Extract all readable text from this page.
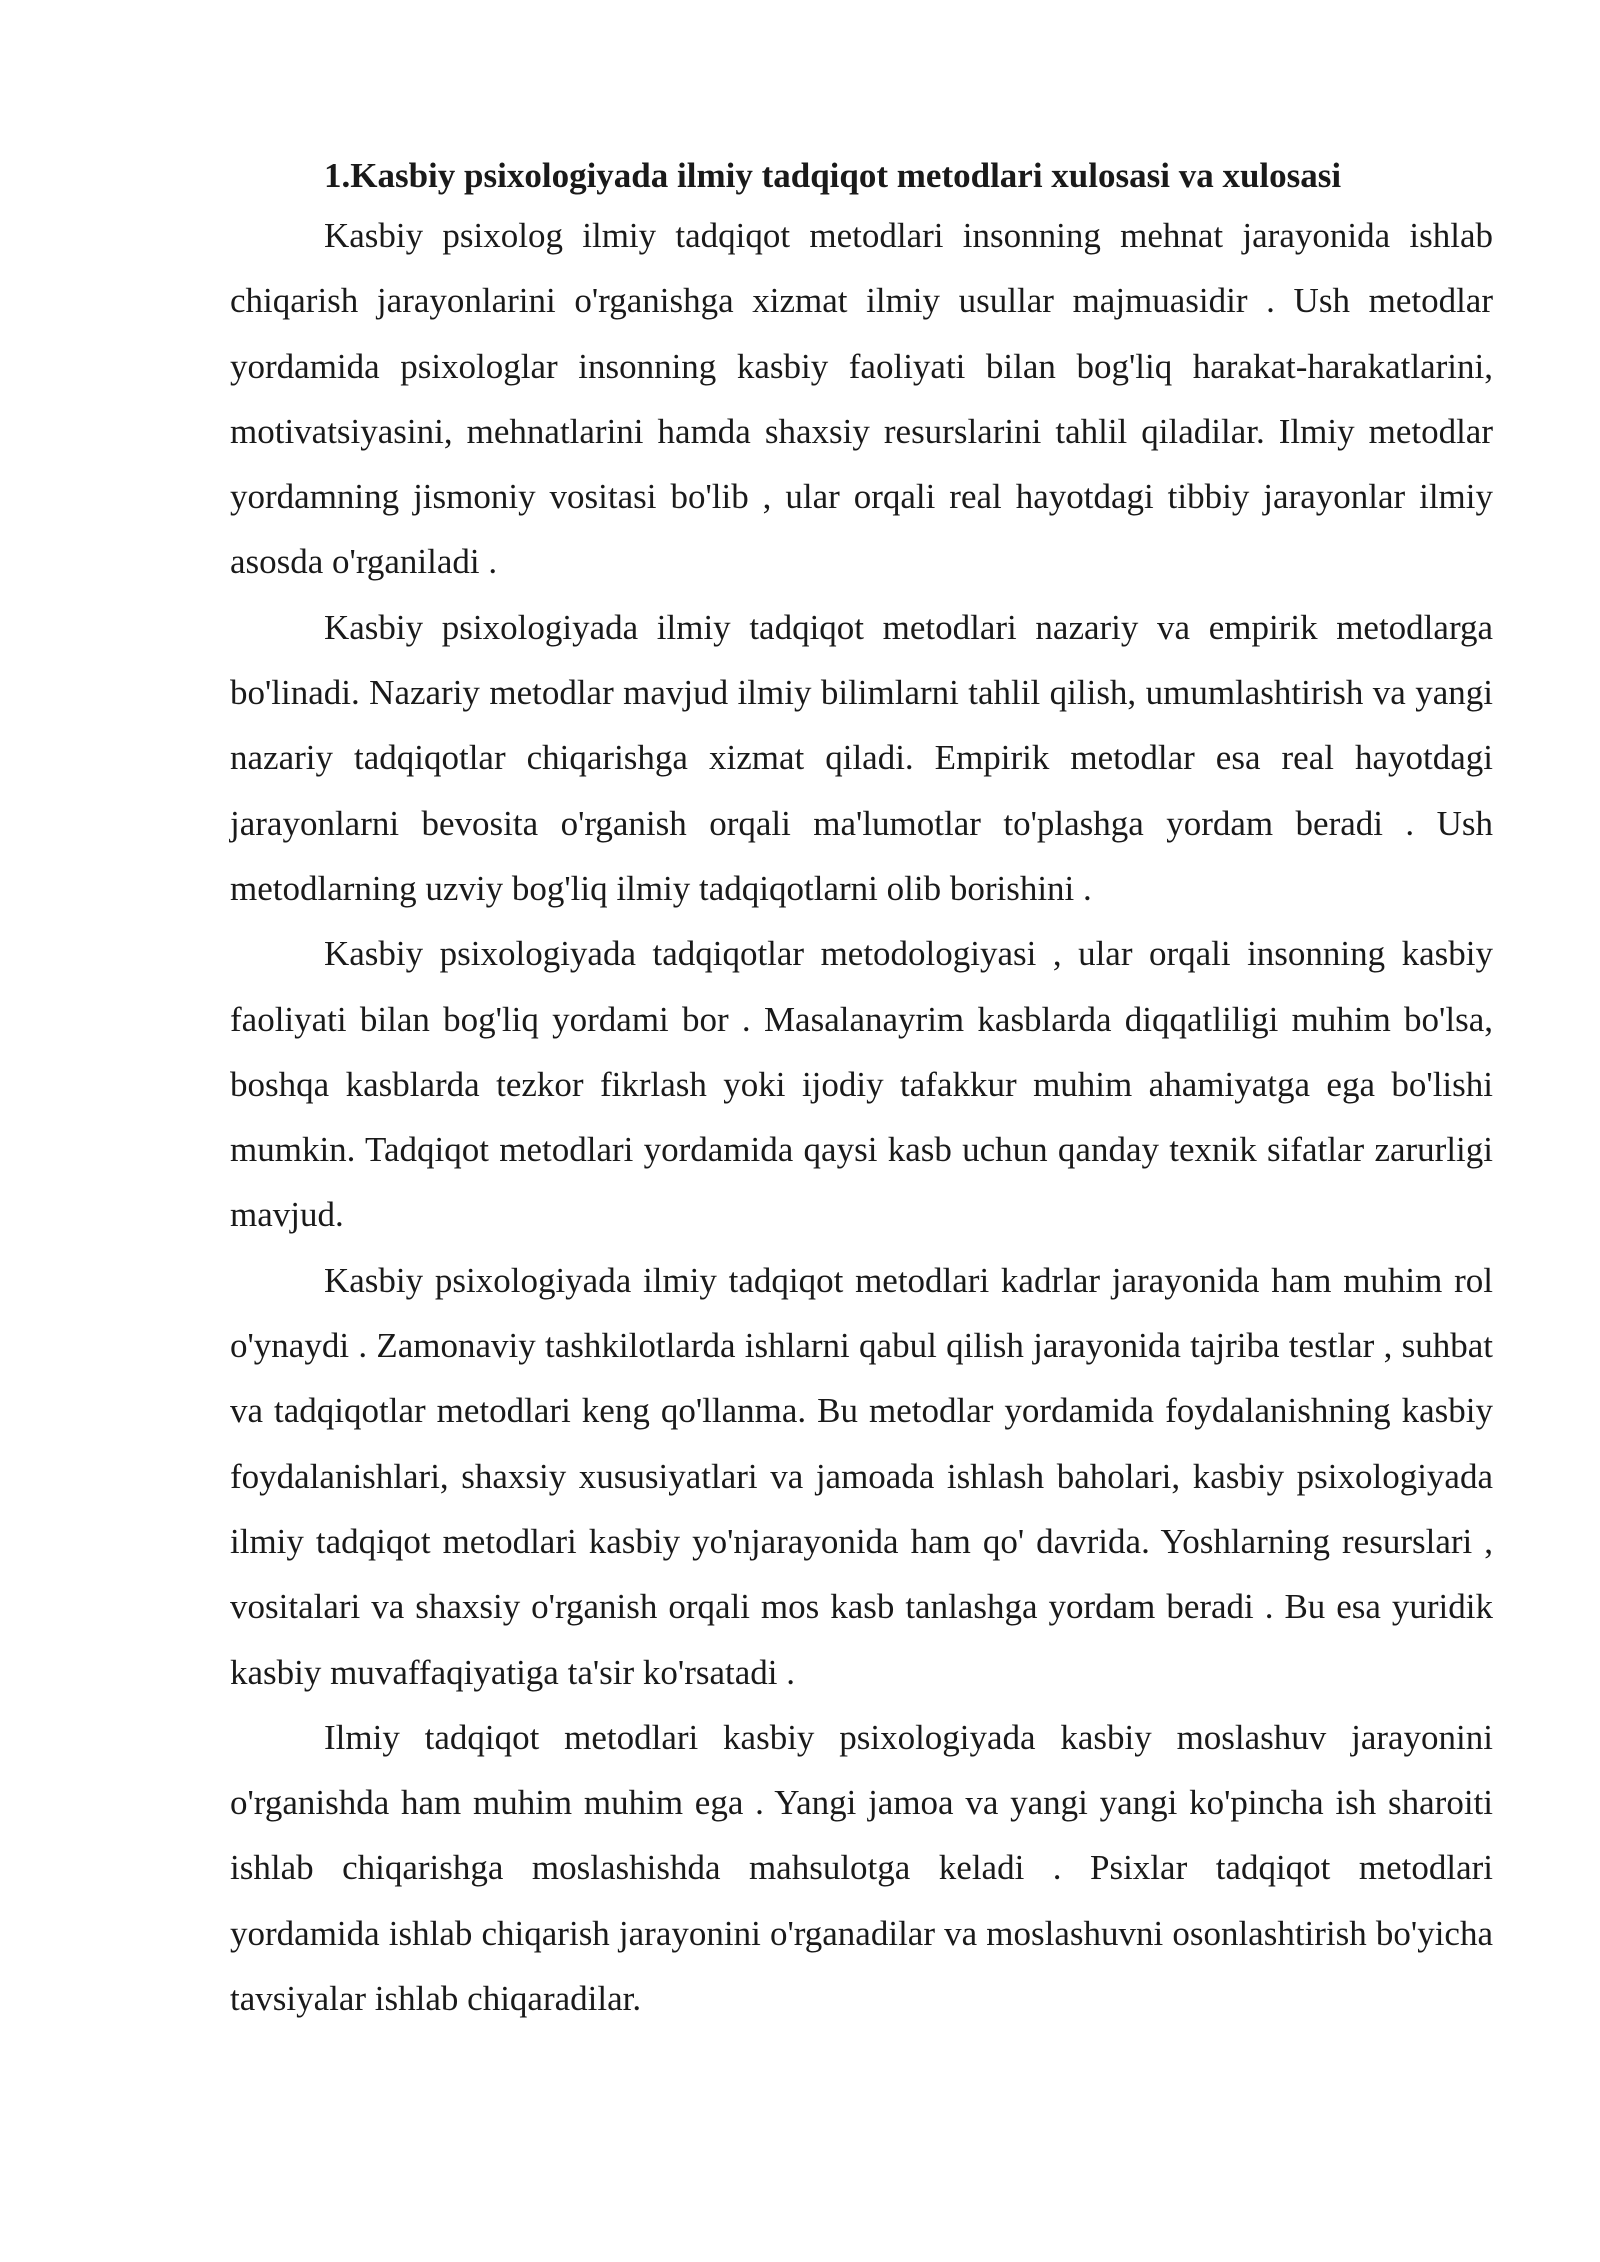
1.Kasbiy psixologiyada ilmiy tadqiqot metodlari xulosasi va xulosasi

Kasbiy psixolog ilmiy tadqiqot metodlari insonning mehnat jarayonida ishlab chiqarish jarayonlarini o'rganishga xizmat ilmiy usullar majmuasidir . Ush metodlar yordamida psixologlar insonning kasbiy faoliyati bilan bog'liq harakat-harakatlarini, motivatsiyasini, mehnatlarini hamda shaxsiy resurslarini tahlil qiladilar. Ilmiy metodlar yordamning jismoniy vositasi bo'lib , ular orqali real hayotdagi tibbiy jarayonlar ilmiy asosda o'rganiladi .

Kasbiy psixologiyada ilmiy tadqiqot metodlari nazariy va empirik metodlarga bo'linadi. Nazariy metodlar mavjud ilmiy bilimlarni tahlil qilish, umumlashtirish va yangi nazariy tadqiqotlar chiqarishga xizmat qiladi. Empirik metodlar esa real hayotdagi jarayonlarni bevosita o'rganish orqali ma'lumotlar to'plashga yordam beradi . Ush metodlarning uzviy bog'liq ilmiy tadqiqotlarni olib borishini .

Kasbiy psixologiyada tadqiqotlar metodologiyasi , ular orqali insonning kasbiy faoliyati bilan bog'liq yordami bor . Masalanayrim kasblarda diqqatliligi muhim bo'lsa, boshqa kasblarda tezkor fikrlash yoki ijodiy tafakkur muhim ahamiyatga ega bo'lishi mumkin. Tadqiqot metodlari yordamida qaysi kasb uchun qanday texnik sifatlar zarurligi mavjud.

Kasbiy psixologiyada ilmiy tadqiqot metodlari kadrlar jarayonida ham muhim rol o'ynaydi . Zamonaviy tashkilotlarda ishlarni qabul qilish jarayonida tajriba testlar , suhbat va tadqiqotlar metodlari keng qo'llanma. Bu metodlar yordamida foydalanishning kasbiy foydalanishlari, shaxsiy xususiyatlari va jamoada ishlash baholari, kasbiy psixologiyada ilmiy tadqiqot metodlari kasbiy yo'njarayonida ham qo' davrida. Yoshlarning resurslari , vositalari va shaxsiy o'rganish orqali mos kasb tanlashga yordam beradi . Bu esa yuridik kasbiy muvaffaqiyatiga ta'sir ko'rsatadi .

Ilmiy tadqiqot metodlari kasbiy psixologiyada kasbiy moslashuv jarayonini o'rganishda ham muhim muhim ega . Yangi jamoa va yangi yangi ko'pincha ish sharoiti ishlab chiqarishga moslashishda mahsulotga keladi . Psixlar tadqiqot metodlari yordamida ishlab chiqarish jarayonini o'rganadilar va moslashuvni osonlashtirish bo'yicha tavsiyalar ishlab chiqaradilar.
